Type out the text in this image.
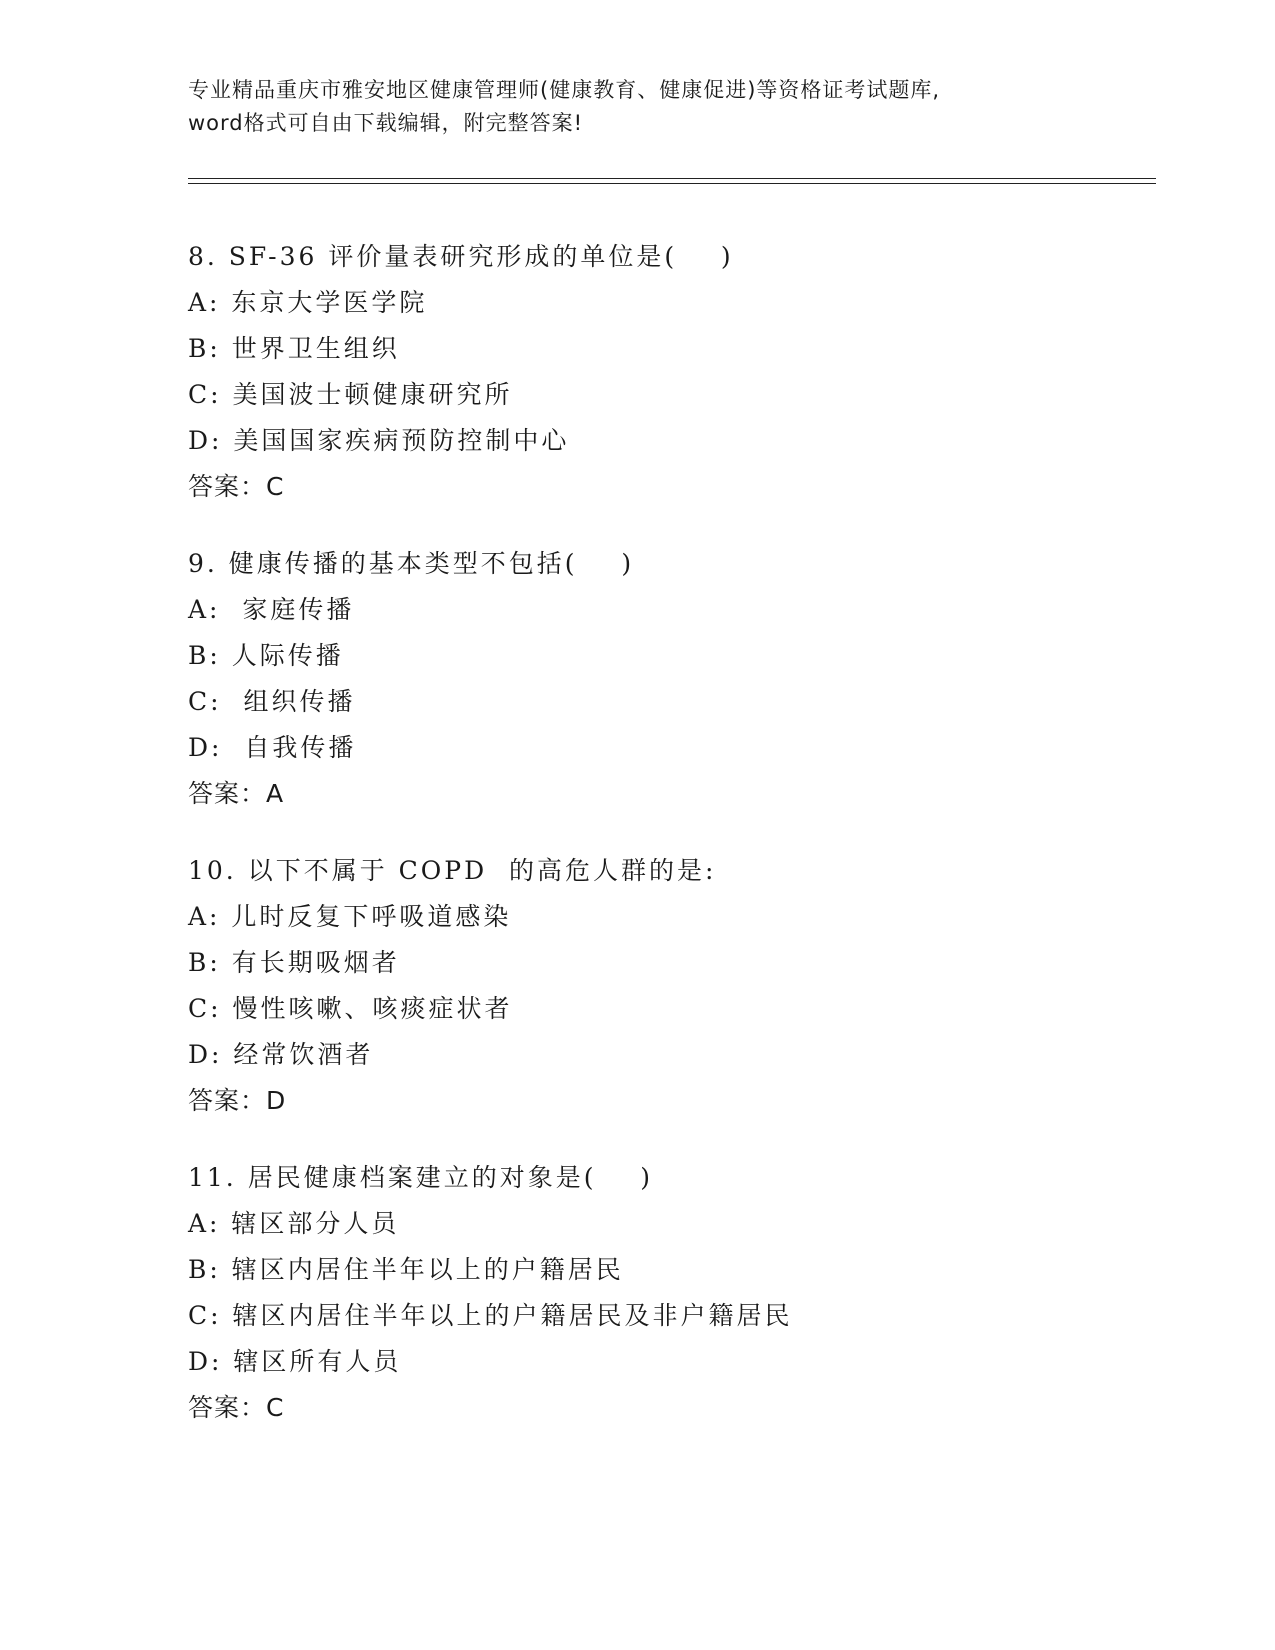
专业精品重庆市雅安地区健康管理师(健康教育、健康促进)等资格证考试题库,
word格式可自由下载编辑，附完整答案!
8. SF-36 评价量表研究形成的单位是(    )
A: 东京大学医学院
B: 世界卫生组织
C: 美国波士顿健康研究所
D: 美国国家疾病预防控制中心
答案：C
9. 健康传播的基本类型不包括(    )
A:  家庭传播
B: 人际传播
C:  组织传播
D:  自我传播
答案：A
10. 以下不属于 COPD  的高危人群的是:
A: 儿时反复下呼吸道感染
B: 有长期吸烟者
C: 慢性咳嗽、咳痰症状者
D: 经常饮酒者
答案：D
11. 居民健康档案建立的对象是(    )
A: 辖区部分人员
B: 辖区内居住半年以上的户籍居民
C: 辖区内居住半年以上的户籍居民及非户籍居民
D: 辖区所有人员
答案：C
